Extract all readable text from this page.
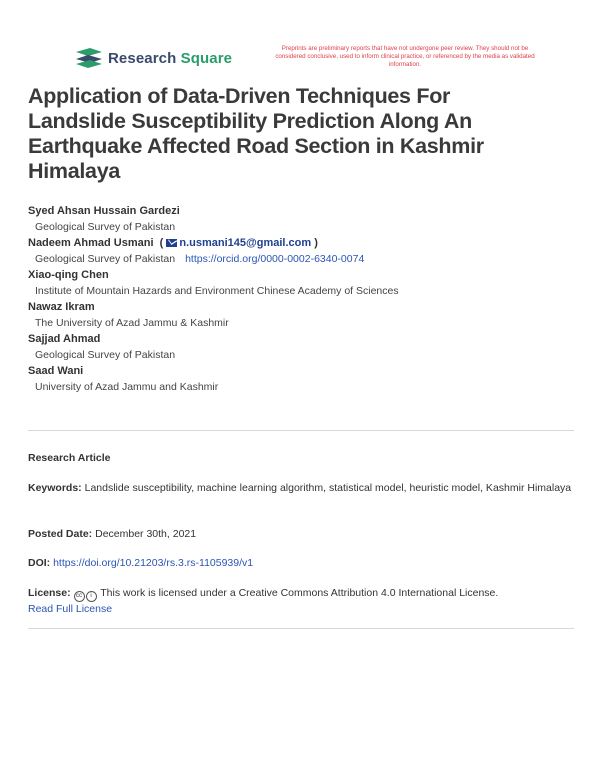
Research Square
Preprints are preliminary reports that have not undergone peer review. They should not be considered conclusive, used to inform clinical practice, or referenced by the media as validated information.
Application of Data-Driven Techniques For Landslide Susceptibility Prediction Along An Earthquake Affected Road Section in Kashmir Himalaya
Syed Ahsan Hussain Gardezi
Geological Survey of Pakistan
Nadeem Ahmad Usmani  ( n.usmani145@gmail.com )
Geological Survey of Pakistan https://orcid.org/0000-0002-6340-0074
Xiao-qing Chen
Institute of Mountain Hazards and Environment Chinese Academy of Sciences
Nawaz Ikram
The University of Azad Jammu & Kashmir
Sajjad Ahmad
Geological Survey of Pakistan
Saad Wani
University of Azad Jammu and Kashmir
Research Article
Keywords: Landslide susceptibility, machine learning algorithm, statistical model, heuristic model, Kashmir Himalaya
Posted Date: December 30th, 2021
DOI: https://doi.org/10.21203/rs.3.rs-1105939/v1
License: cc i This work is licensed under a Creative Commons Attribution 4.0 International License.
Read Full License
